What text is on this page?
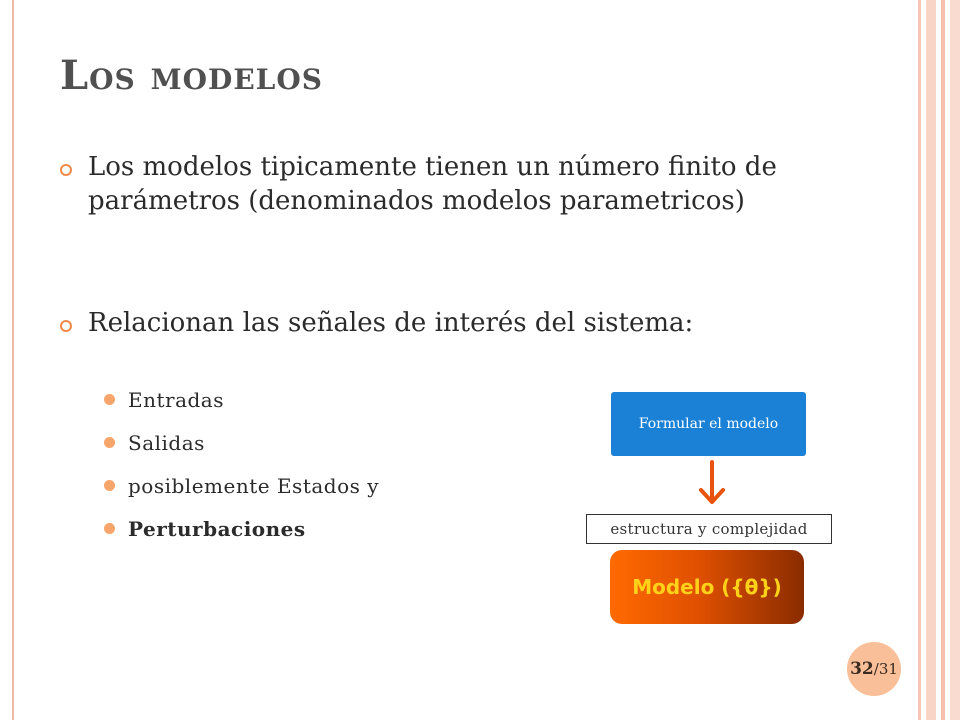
Los modelos
Los modelos tipicamente tienen un número finito de parámetros (denominados modelos parametricos)
Relacionan las señales de interés del sistema:
Entradas
Salidas
posiblemente Estados y
Perturbaciones
Formular el modelo
estructura y complejidad
Modelo ({θ})
32 /31
